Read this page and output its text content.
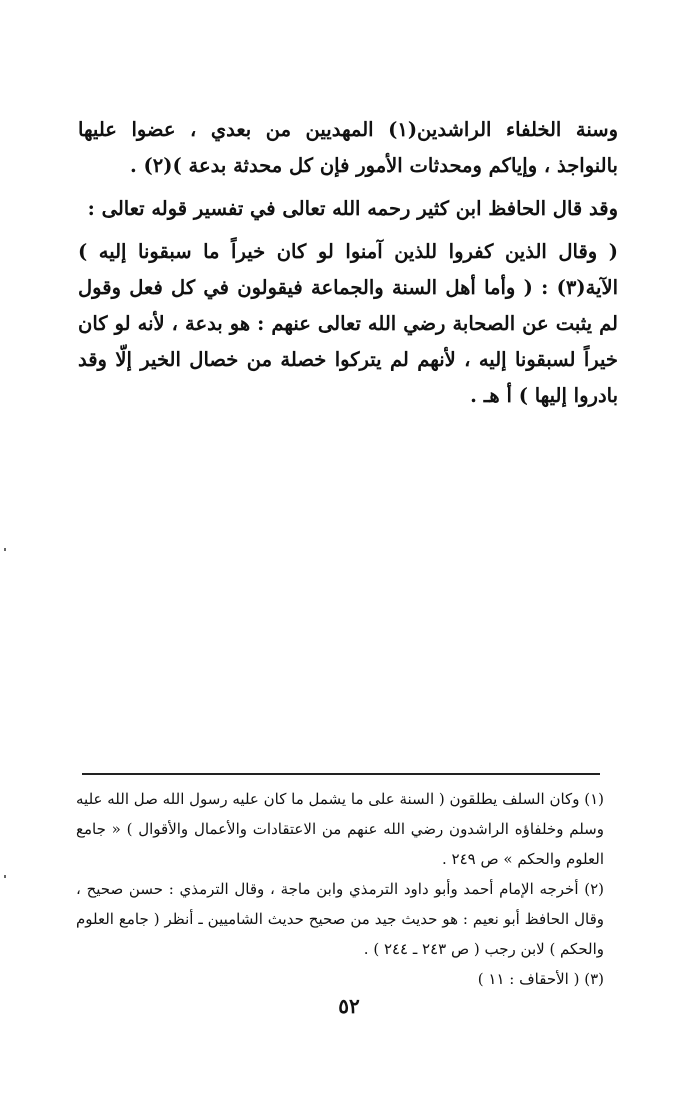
وسنة الخلفاء الراشدين(١) المهديين من بعدي ، عضوا عليها بالنواجذ ، وإياكم ومحدثات الأمور فإن كل محدثة بدعة )(٢) .

وقد قال الحافظ ابن كثير رحمه الله تعالى في تفسير قوله تعالى :

( وقال الذين كفروا للذين آمنوا لو كان خيراً ما سبقونا إليه ) الآية(٣) : ( وأما أهل السنة والجماعة فيقولون في كل فعل وقول لم يثبت عن الصحابة رضي الله تعالى عنهم : هو بدعة ، لأنه لو كان خيراً لسبقونا إليه ، لأنهم لم يتركوا خصلة من خصال الخير إلّا وقد بادروا إليها ) أ هـ .

(١) وكان السلف يطلقون ( السنة على ما يشمل ما كان عليه رسول الله صل الله عليه وسلم وخلفاؤه الراشدون رضي الله عنهم من الاعتقادات والأعمال والأقوال ) « جامع العلوم والحكم » ص ٢٤٩ .

(٢) أخرجه الإمام أحمد وأبو داود الترمذي وابن ماجة ، وقال الترمذي : حسن صحيح ، وقال الحافظ أبو نعيم : هو حديث جيد من صحيح حديث الشاميين ـ أنظر ( جامع العلوم والحكم ) لابن رجب ( ص ٢٤٣ ـ ٢٤٤ ) .

(٣) ( الأحقاف : ١١ )

٥٢
